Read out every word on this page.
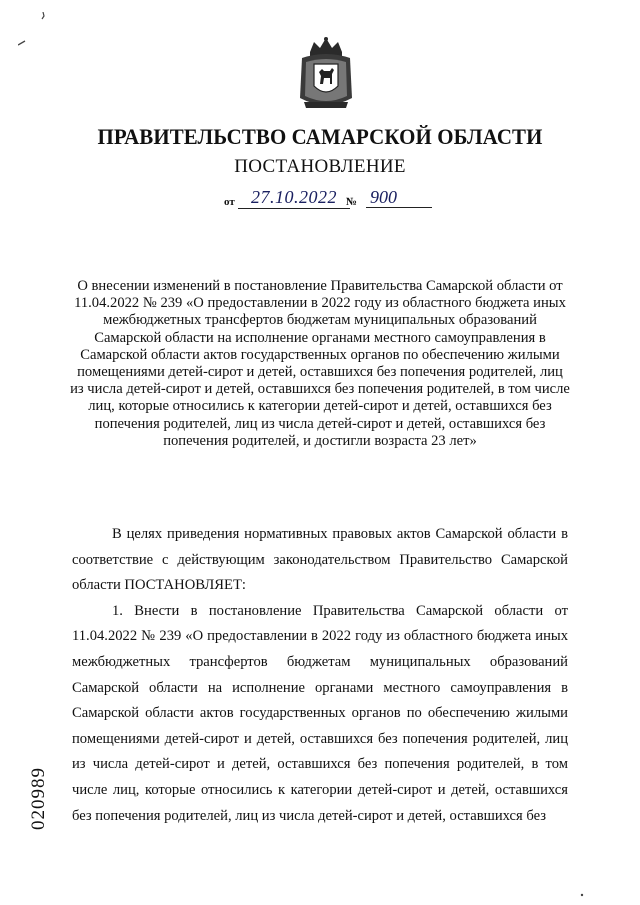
ПРАВИТЕЛЬСТВО САМАРСКОЙ ОБЛАСТИ
ПОСТАНОВЛЕНИЕ
от 27.10.2022 № 900
О внесении изменений в постановление Правительства Самарской области от 11.04.2022 № 239 «О предоставлении в 2022 году из областного бюджета иных межбюджетных трансфертов бюджетам муниципальных образований Самарской области на исполнение органами местного самоуправления в Самарской области актов государственных органов по обеспечению жилыми помещениями детей-сирот и детей, оставшихся без попечения родителей, лиц из числа детей-сирот и детей, оставшихся без попечения родителей, в том числе лиц, которые относились к категории детей-сирот и детей, оставшихся без попечения родителей, лиц из числа детей-сирот и детей, оставшихся без попечения родителей, и достигли возраста 23 лет»

В целях приведения нормативных правовых актов Самарской области в соответствие с действующим законодательством Правительство Самарской области ПОСТАНОВЛЯЕТ:

1. Внести в постановление Правительства Самарской области от 11.04.2022 № 239 «О предоставлении в 2022 году из областного бюджета иных межбюджетных трансфертов бюджетам муниципальных образований Самарской области на исполнение органами местного самоуправления в Самарской области актов государственных органов по обеспечению жилыми помещениями детей-сирот и детей, оставшихся без попечения родителей, лиц из числа детей-сирот и детей, оставшихся без попечения родителей, в том числе лиц, которые относились к категории детей-сирот и детей, оставшихся без попечения родителей, лиц из числа детей-сирот и детей, оставшихся без

020989
